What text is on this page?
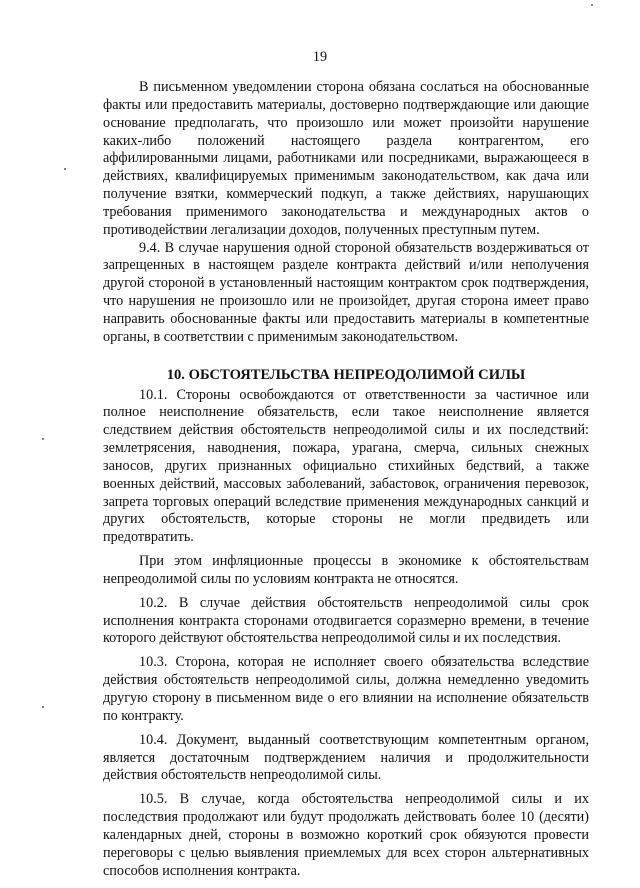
19

В письменном уведомлении сторона обязана сослаться на обоснованные факты или предоставить материалы, достоверно подтверждающие или дающие основание предполагать, что произошло или может произойти нарушение каких-либо положений настоящего раздела контрагентом, его аффилированными лицами, работниками или посредниками, выражающееся в действиях, квалифицируемых применимым законодательством, как дача или получение взятки, коммерческий подкуп, а также действиях, нарушающих требования применимого законодательства и международных актов о противодействии легализации доходов, полученных преступным путем.

9.4. В случае нарушения одной стороной обязательств воздерживаться от запрещенных в настоящем разделе контракта действий и/или неполучения другой стороной в установленный настоящим контрактом срок подтверждения, что нарушения не произошло или не произойдет, другая сторона имеет право направить обоснованные факты или предоставить материалы в компетентные органы, в соответствии с применимым законодательством.

10. ОБСТОЯТЕЛЬСТВА НЕПРЕОДОЛИМОЙ СИЛЫ

10.1. Стороны освобождаются от ответственности за частичное или полное неисполнение обязательств, если такое неисполнение является следствием действия обстоятельств непреодолимой силы и их последствий: землетрясения, наводнения, пожара, урагана, смерча, сильных снежных заносов, других признанных официально стихийных бедствий, а также военных действий, массовых заболеваний, забастовок, ограничения перевозок, запрета торговых операций вследствие применения международных санкций и других обстоятельств, которые стороны не могли предвидеть или предотвратить.

При этом инфляционные процессы в экономике к обстоятельствам непреодолимой силы по условиям контракта не относятся.

10.2. В случае действия обстоятельств непреодолимой силы срок исполнения контракта сторонами отодвигается соразмерно времени, в течение которого действуют обстоятельства непреодолимой силы и их последствия.

10.3. Сторона, которая не исполняет своего обязательства вследствие действия обстоятельств непреодолимой силы, должна немедленно уведомить другую сторону в письменном виде о его влиянии на исполнение обязательств по контракту.

10.4. Документ, выданный соответствующим компетентным органом, является достаточным подтверждением наличия и продолжительности действия обстоятельств непреодолимой силы.

10.5. В случае, когда обстоятельства непреодолимой силы и их последствия продолжают или будут продолжать действовать более 10 (десяти) календарных дней, стороны в возможно короткий срок обязуются провести переговоры с целью выявления приемлемых для всех сторон альтернативных способов исполнения контракта.
